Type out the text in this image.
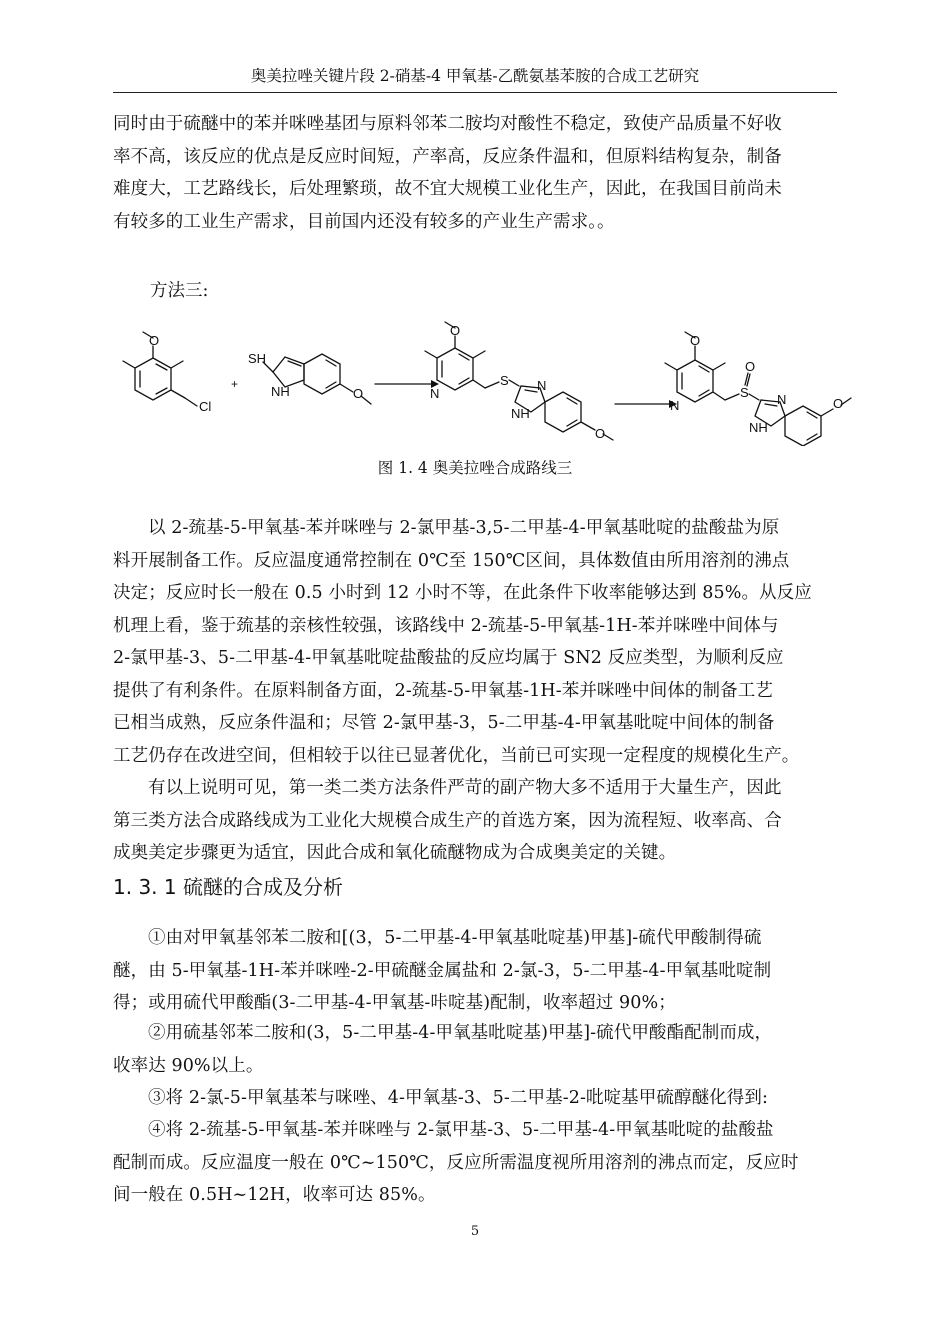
奥美拉唑关键片段 2-硝基-4 甲氧基-乙酰氨基苯胺的合成工艺研究
同时由于硫醚中的苯并咪唑基团与原料邻苯二胺均对酸性不稳定，致使产品质量不好收
率不高，该反应的优点是反应时间短，产率高，反应条件温和，但原料结构复杂，制备
难度大，工艺路线长，后处理繁琐，故不宜大规模工业化生产，因此，在我国目前尚未
有较多的工业生产需求，目前国内还没有较多的产业生产需求。。
方法三:
O
Cl
+
SH
NH	O
O
N
S N
NH
O
O
N
O
S N
NH
O
图 1. 4 奥美拉唑合成路线三
以 2-巯基-5-甲氧基-苯并咪唑与 2-氯甲基-3,5-二甲基-4-甲氧基吡啶的盐酸盐为原
料开展制备工作。反应温度通常控制在 0℃至 150℃区间，具体数值由所用溶剂的沸点
决定；反应时长一般在 0.5 小时到 12 小时不等，在此条件下收率能够达到 85%。从反应
机理上看，鉴于巯基的亲核性较强，该路线中 2-巯基-5-甲氧基-1H-苯并咪唑中间体与
2-氯甲基-3、5-二甲基-4-甲氧基吡啶盐酸盐的反应均属于 SN2 反应类型，为顺利反应
提供了有利条件。在原料制备方面，2-巯基-5-甲氧基-1H-苯并咪唑中间体的制备工艺
已相当成熟，反应条件温和；尽管 2-氯甲基-3，5-二甲基-4-甲氧基吡啶中间体的制备
工艺仍存在改进空间，但相较于以往已显著优化，当前已可实现一定程度的规模化生产。
有以上说明可见，第一类二类方法条件严苛的副产物大多不适用于大量生产，因此
第三类方法合成路线成为工业化大规模合成生产的首选方案，因为流程短、收率高、合
成奥美定步骤更为适宜，因此合成和氧化硫醚物成为合成奥美定的关键。
1. 3. 1 硫醚的合成及分析
①由对甲氧基邻苯二胺和[(3，5-二甲基-4-甲氧基吡啶基)甲基]-硫代甲酸制得硫
醚，由 5-甲氧基-1H-苯并咪唑-2-甲硫醚金属盐和 2-氯-3，5-二甲基-4-甲氧基吡啶制
得；或用硫代甲酸酯(3-二甲基-4-甲氧基-咔啶基)配制，收率超过 90%；
②用硫基邻苯二胺和(3，5-二甲基-4-甲氧基吡啶基)甲基]-硫代甲酸酯配制而成，
收率达 90%以上。
③将 2-氯-5-甲氧基苯与咪唑、4-甲氧基-3、5-二甲基-2-吡啶基甲硫醇醚化得到:
④将 2-巯基-5-甲氧基-苯并咪唑与 2-氯甲基-3、5-二甲基-4-甲氧基吡啶的盐酸盐
配制而成。反应温度一般在 0℃~150℃，反应所需温度视所用溶剂的沸点而定，反应时
间一般在 0.5H~12H，收率可达 85%。
5
